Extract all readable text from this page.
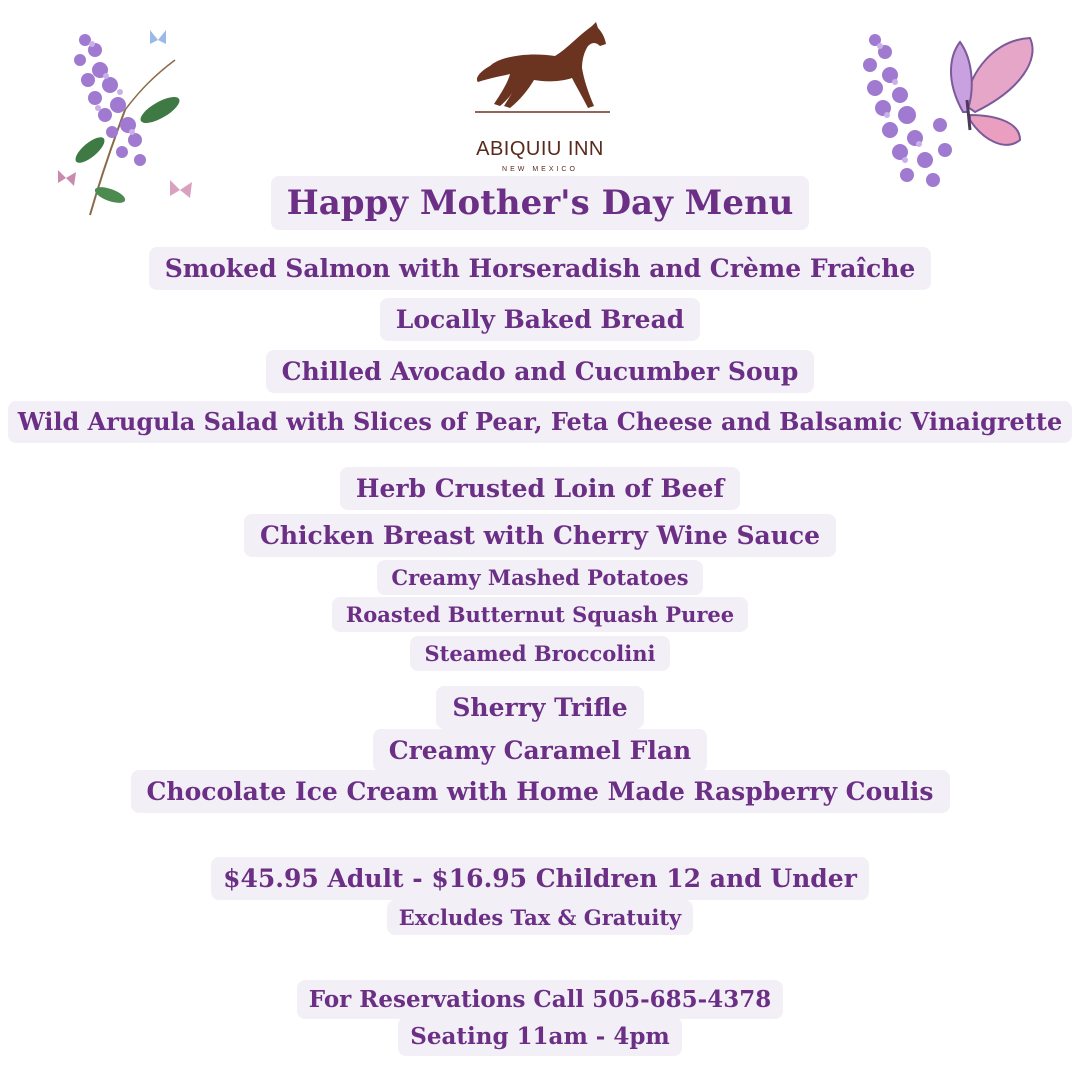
ABIQUIU INN
NEW MEXICO
Happy Mother's Day Menu
Smoked Salmon with Horseradish and Crème Fraîche
Locally Baked Bread
Chilled Avocado and Cucumber Soup
Wild Arugula Salad with Slices of Pear, Feta Cheese and Balsamic Vinaigrette
Herb Crusted Loin of Beef
Chicken Breast with Cherry Wine Sauce
Creamy Mashed Potatoes
Roasted Butternut Squash Puree
Steamed Broccolini
Sherry Trifle
Creamy Caramel Flan
Chocolate Ice Cream with Home Made Raspberry Coulis
$45.95 Adult - $16.95 Children 12 and Under
Excludes Tax & Gratuity
For Reservations Call 505-685-4378
Seating 11am - 4pm
